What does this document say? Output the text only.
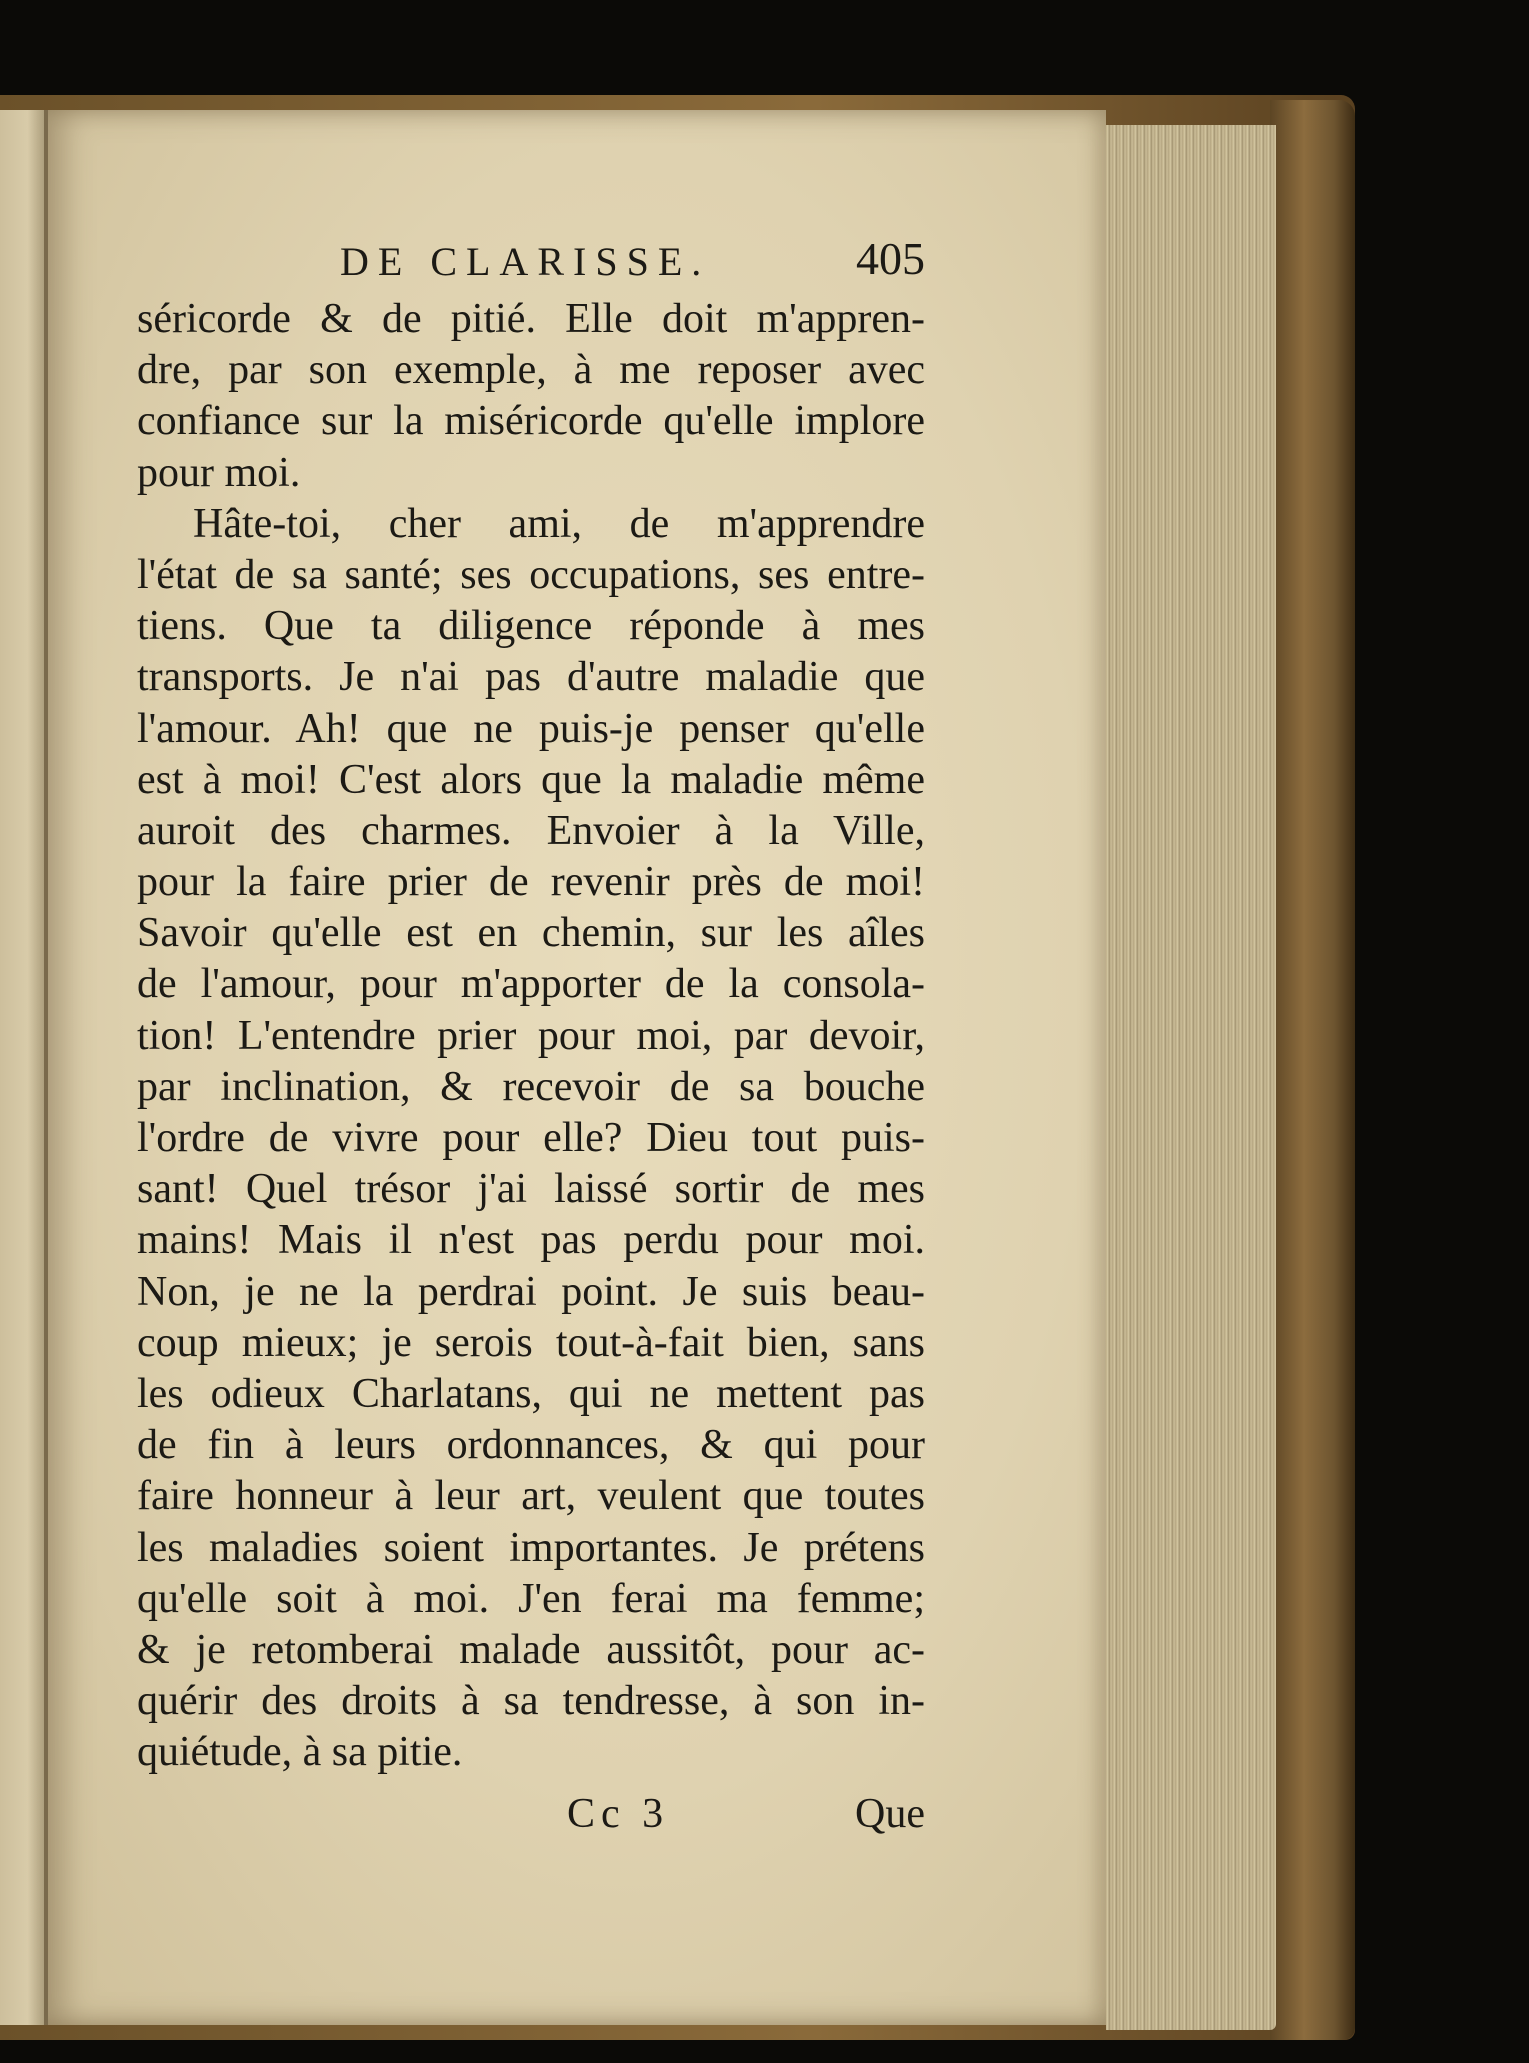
DE CLARISSE.	405
séricorde & de pitié. Elle doit m'appren-
dre, par son exemple, à me reposer avec
confiance sur la miséricorde qu'elle implore
pour moi.
Hâte-toi, cher ami, de m'apprendre
l'état de sa santé; ses occupations, ses entre-
tiens. Que ta diligence réponde à mes
transports. Je n'ai pas d'autre maladie que
l'amour. Ah! que ne puis-je penser qu'elle
est à moi! C'est alors que la maladie même
auroit des charmes. Envoier à la Ville,
pour la faire prier de revenir près de moi!
Savoir qu'elle est en chemin, sur les aîles
de l'amour, pour m'apporter de la consola-
tion! L'entendre prier pour moi, par devoir,
par inclination, & recevoir de sa bouche
l'ordre de vivre pour elle? Dieu tout puis-
sant! Quel trésor j'ai laissé sortir de mes
mains! Mais il n'est pas perdu pour moi.
Non, je ne la perdrai point. Je suis beau-
coup mieux; je serois tout-à-fait bien, sans
les odieux Charlatans, qui ne mettent pas
de fin à leurs ordonnances, & qui pour
faire honneur à leur art, veulent que toutes
les maladies soient importantes. Je prétens
qu'elle soit à moi. J'en ferai ma femme;
& je retomberai malade aussitôt, pour ac-
quérir des droits à sa tendresse, à son in-
quiétude, à sa pitie.
Cc 3	Que
